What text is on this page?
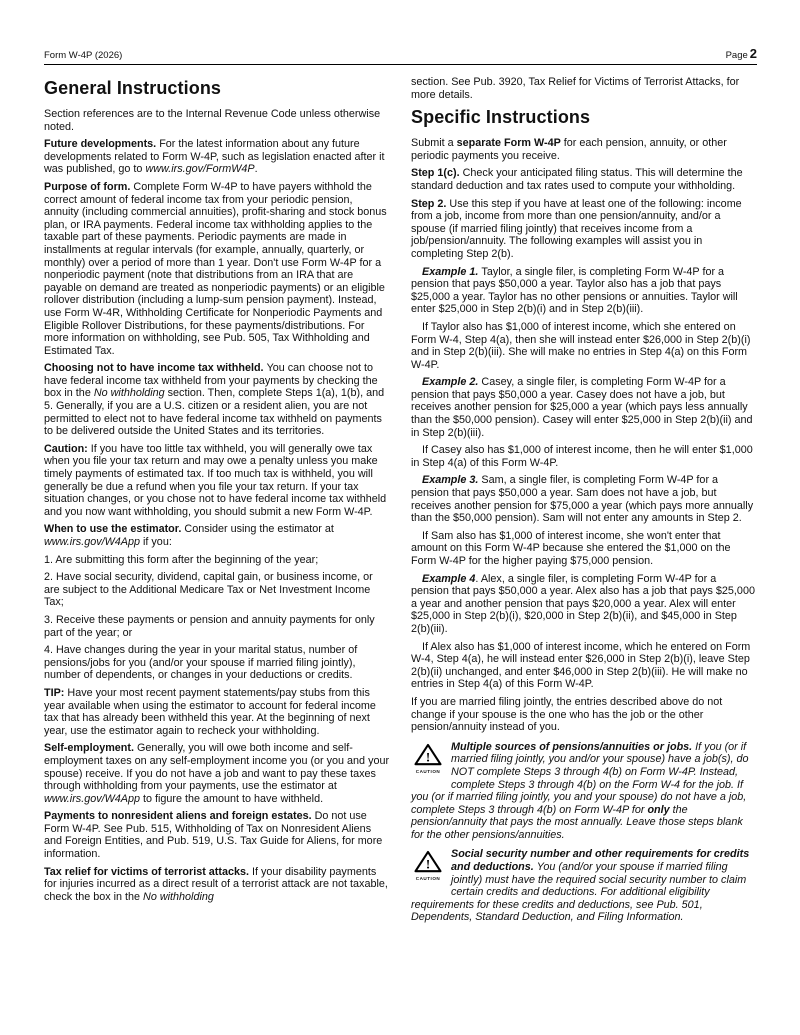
Form W-4P (2026)	Page 2
General Instructions

Section references are to the Internal Revenue Code unless otherwise noted.

Future developments. For the latest information about any future developments related to Form W-4P, such as legislation enacted after it was published, go to www.irs.gov/FormW4P.

Purpose of form. Complete Form W-4P to have payers withhold the correct amount of federal income tax from your periodic pension, annuity (including commercial annuities), profit-sharing and stock bonus plan, or IRA payments. Federal income tax withholding applies to the taxable part of these payments. Periodic payments are made in installments at regular intervals (for example, annually, quarterly, or monthly) over a period of more than 1 year. Don't use Form W-4P for a nonperiodic payment (note that distributions from an IRA that are payable on demand are treated as nonperiodic payments) or an eligible rollover distribution (including a lump-sum pension payment). Instead, use Form W-4R, Withholding Certificate for Nonperiodic Payments and Eligible Rollover Distributions, for these payments/distributions. For more information on withholding, see Pub. 505, Tax Withholding and Estimated Tax.

Choosing not to have income tax withheld. You can choose not to have federal income tax withheld from your payments by checking the box in the No withholding section. Then, complete Steps 1(a), 1(b), and 5. Generally, if you are a U.S. citizen or a resident alien, you are not permitted to elect not to have federal income tax withheld on payments to be delivered outside the United States and its territories.

Caution: If you have too little tax withheld, you will generally owe tax when you file your tax return and may owe a penalty unless you make timely payments of estimated tax. If too much tax is withheld, you will generally be due a refund when you file your tax return. If your tax situation changes, or you chose not to have federal income tax withheld and you now want withholding, you should submit a new Form W-4P.

When to use the estimator. Consider using the estimator at www.irs.gov/W4App if you:

1. Are submitting this form after the beginning of the year;

2. Have social security, dividend, capital gain, or business income, or are subject to the Additional Medicare Tax or Net Investment Income Tax;

3. Receive these payments or pension and annuity payments for only part of the year; or

4. Have changes during the year in your marital status, number of pensions/jobs for you (and/or your spouse if married filing jointly), number of dependents, or changes in your deductions or credits.

TIP: Have your most recent payment statements/pay stubs from this year available when using the estimator to account for federal income tax that has already been withheld this year. At the beginning of next year, use the estimator again to recheck your withholding.

Self-employment. Generally, you will owe both income and self-employment taxes on any self-employment income you (or you and your spouse) receive. If you do not have a job and want to pay these taxes through withholding from your payments, use the estimator at www.irs.gov/W4App to figure the amount to have withheld.

Payments to nonresident aliens and foreign estates. Do not use Form W-4P. See Pub. 515, Withholding of Tax on Nonresident Aliens and Foreign Entities, and Pub. 519, U.S. Tax Guide for Aliens, for more information.

Tax relief for victims of terrorist attacks. If your disability payments for injuries incurred as a direct result of a terrorist attack are not taxable, check the box in the No withholding

section. See Pub. 3920, Tax Relief for Victims of Terrorist Attacks, for more details.

Specific Instructions

Submit a separate Form W-4P for each pension, annuity, or other periodic payments you receive.

Step 1(c). Check your anticipated filing status. This will determine the standard deduction and tax rates used to compute your withholding.

Step 2. Use this step if you have at least one of the following: income from a job, income from more than one pension/annuity, and/or a spouse (if married filing jointly) that receives income from a job/pension/annuity. The following examples will assist you in completing Step 2(b).

Example 1. Taylor, a single filer, is completing Form W-4P for a pension that pays $50,000 a year. Taylor also has a job that pays $25,000 a year. Taylor has no other pensions or annuities. Taylor will enter $25,000 in Step 2(b)(i) and in Step 2(b)(iii).

If Taylor also has $1,000 of interest income, which she entered on Form W-4, Step 4(a), then she will instead enter $26,000 in Step 2(b)(i) and in Step 2(b)(iii). She will make no entries in Step 4(a) on this Form W-4P.

Example 2. Casey, a single filer, is completing Form W-4P for a pension that pays $50,000 a year. Casey does not have a job, but receives another pension for $25,000 a year (which pays less annually than the $50,000 pension). Casey will enter $25,000 in Step 2(b)(ii) and in Step 2(b)(iii).

If Casey also has $1,000 of interest income, then he will enter $1,000 in Step 4(a) of this Form W-4P.

Example 3. Sam, a single filer, is completing Form W-4P for a pension that pays $50,000 a year. Sam does not have a job, but receives another pension for $75,000 a year (which pays more annually than the $50,000 pension). Sam will not enter any amounts in Step 2.

If Sam also has $1,000 of interest income, she won't enter that amount on this Form W-4P because she entered the $1,000 on the Form W-4P for the higher paying $75,000 pension.

Example 4. Alex, a single filer, is completing Form W-4P for a pension that pays $50,000 a year. Alex also has a job that pays $25,000 a year and another pension that pays $20,000 a year. Alex will enter $25,000 in Step 2(b)(i), $20,000 in Step 2(b)(ii), and $45,000 in Step 2(b)(iii).

If Alex also has $1,000 of interest income, which he entered on Form W-4, Step 4(a), he will instead enter $26,000 in Step 2(b)(i), leave Step 2(b)(ii) unchanged, and enter $46,000 in Step 2(b)(iii). He will make no entries in Step 4(a) of this Form W-4P.

If you are married filing jointly, the entries described above do not change if your spouse is the one who has the job or the other pension/annuity instead of you.

!
CAUTION
Multiple sources of pensions/annuities or jobs. If you (or if married filing jointly, you and/or your spouse) have a job(s), do NOT complete Steps 3 through 4(b) on Form W-4P. Instead, complete Steps 3 through 4(b) on the Form W-4 for the job. If you (or if married filing jointly, you and your spouse) do not have a job, complete Steps 3 through 4(b) on Form W-4P for only the pension/annuity that pays the most annually. Leave those steps blank for the other pensions/annuities.

!
CAUTION
Social security number and other requirements for credits and deductions. You (and/or your spouse if married filing jointly) must have the required social security number to claim certain credits and deductions. For additional eligibility requirements for these credits and deductions, see Pub. 501, Dependents, Standard Deduction, and Filing Information.
